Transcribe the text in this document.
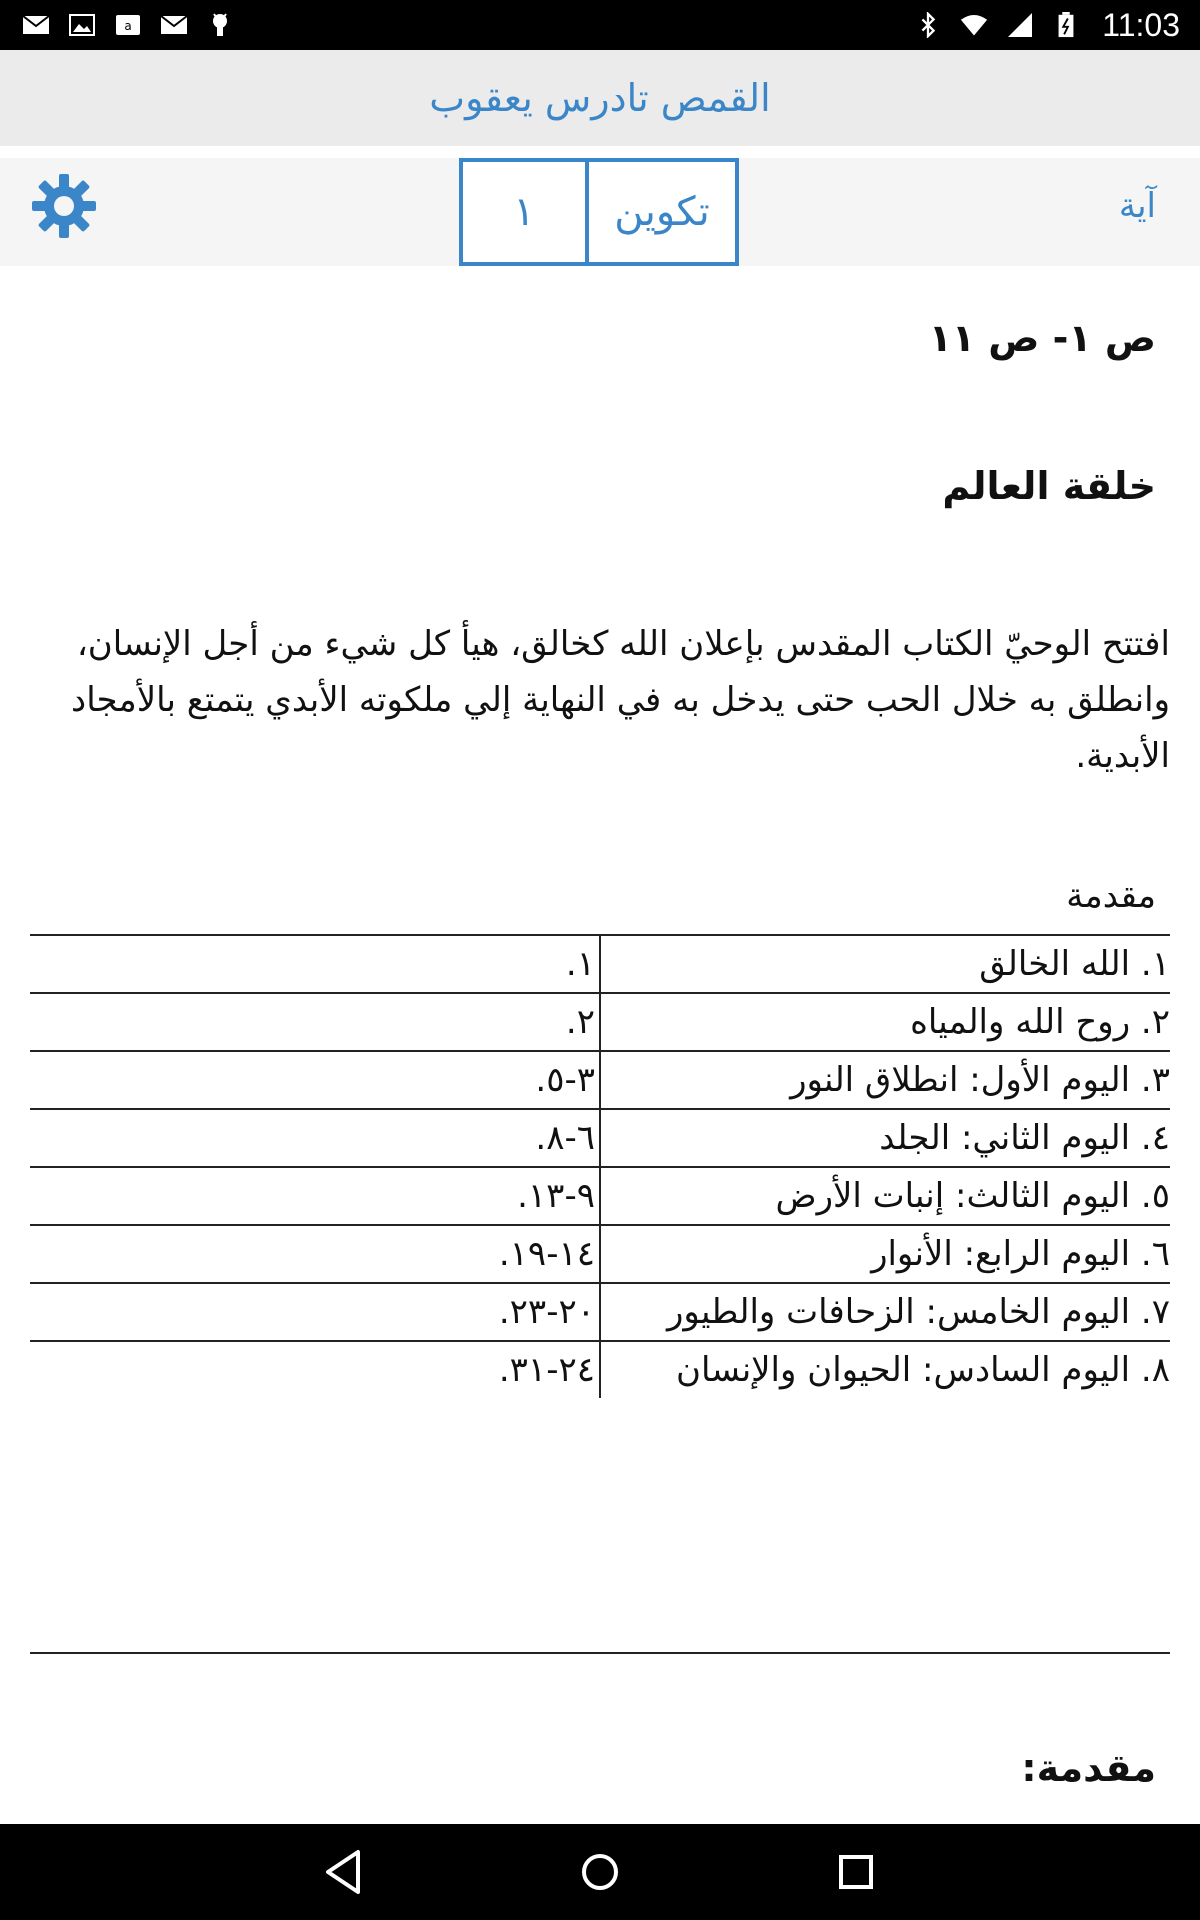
a	11:03
القمص تادرس يعقوب
١	تكوين	آية
ص ١- ص ١١
خلقة العالم

افتتح الوحيّ الكتاب المقدس بإعلان الله كخالق، هيأ كل شيء من أجل الإنسان، وانطلق به خلال الحب حتى يدخل به في النهاية إلي ملكوته الأبدي يتمتع بالأمجاد الأبدية.

مقدمة
١. الله الخالق	١.
٢. روح الله والمياه	٢.
٣. اليوم الأول: انطلاق النور	٣-٥.
٤. اليوم الثاني: الجلد	٦-٨.
٥. اليوم الثالث: إنبات الأرض	٩-١٣.
٦. اليوم الرابع: الأنوار	١٤-١٩.
٧. اليوم الخامس: الزحافات والطيور	٢٠-٢٣.
٨. اليوم السادس: الحيوان والإنسان	٢٤-٣١.
مقدمة:
